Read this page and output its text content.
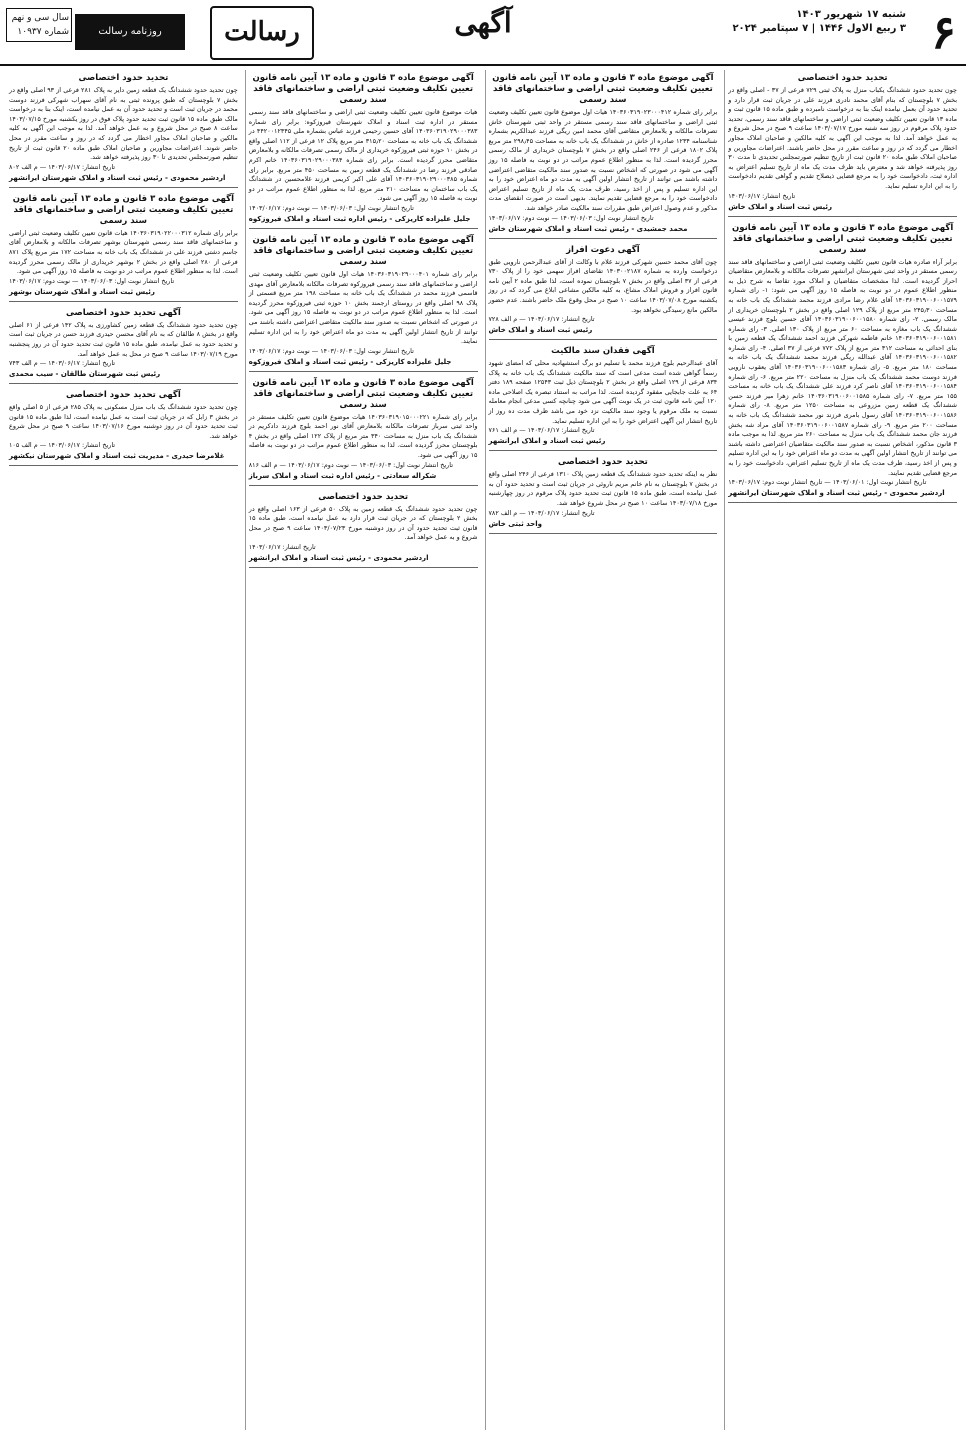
۶
شنبه ۱۷ شهریور ۱۴۰۳
۳ ربیع الاول ۱۴۴۶ | ۷ سپتامبر ۲۰۲۴
آگهی
رسالت
روزنامه رسالت
سال سی و نهم
شماره ۱۰۹۳۷
تحدید حدود اختصاصی
چون تحدید حدود ششدانگ یکباب منزل به پلاک ثبتی ۷۲۹ فرعی از ۳۷ - اصلی واقع در بخش ۷ بلوچستان که بنام آقای محمد نادری فرزند علی در جریان ثبت قرار دارد و تحدید حدود آن بعمل نیامده اینک بنا به درخواست نامبرده و طبق ماده ۱۵ قانون ثبت و ماده ۱۳ قانون تعیین تکلیف وضعیت ثبتی اراضی و ساختمانهای فاقد سند رسمی، تحدید حدود پلاک مرقوم در روز سه شنبه مورخ ۱۴۰۳/۰۷/۱۷ ساعت ۹ صبح در محل شروع و به عمل خواهد آمد. لذا به موجب این آگهی به کلیه مالکین و صاحبان املاک مجاور اخطار می گردد که در روز و ساعت مقرر در محل حاضر باشند. اعتراضات مجاورین و صاحبان املاک طبق ماده ۲۰ قانون ثبت از تاریخ تنظیم صورتمجلس تحدیدی تا مدت ۳۰ روز پذیرفته خواهد شد و معترض باید ظرف مدت یک ماه از تاریخ تسلیم اعتراض به اداره ثبت، دادخواست خود را به مرجع قضایی ذیصلاح تقدیم و گواهی تقدیم دادخواست را به این اداره تسلیم نماید.
تاریخ انتشار: ۱۴۰۳/۰۶/۱۷
رئیس ثبت اسناد و املاک خاش
آگهی موضوع ماده ۳ قانون و ماده ۱۳ آیین نامه قانون تعیین تکلیف وضعیت ثبتی اراضی و ساختمانهای فاقد سند رسمی
برابر آراء صادره هیات قانون تعیین تکلیف وضعیت ثبتی اراضی و ساختمانهای فاقد سند رسمی مستقر در واحد ثبتی شهرستان ایرانشهر تصرفات مالکانه و بلامعارض متقاضیان احراز گردیده است. لذا مشخصات متقاضیان و املاک مورد تقاضا به شرح ذیل به منظور اطلاع عموم در دو نوبت به فاصله ۱۵ روز آگهی می شود: ۱- رای شماره ۱۴۰۳۶۰۳۱۹۰۰۶۰۰۱۵۷۹ آقای غلام رضا مرادی فرزند محمد ششدانگ یک باب خانه به مساحت ۲۴۵٫۳۰ متر مربع از پلاک ۱۲۹ اصلی واقع در بخش ۲ بلوچستان خریداری از مالک رسمی. ۲- رای شماره ۱۴۰۳۶۰۳۱۹۰۰۶۰۰۱۵۸۰ آقای حسین بلوچ فرزند عیسی ششدانگ یک باب مغازه به مساحت ۶۰ متر مربع از پلاک ۱۳۰ اصلی. ۳- رای شماره ۱۴۰۳۶۰۳۱۹۰۰۶۰۰۱۵۸۱ خانم فاطمه شهرکی فرزند احمد ششدانگ یک قطعه زمین با بنای احداثی به مساحت ۳۱۲ متر مربع از پلاک ۷۷۲ فرعی از ۳۷ اصلی. ۴- رای شماره ۱۴۰۳۶۰۳۱۹۰۰۶۰۰۱۵۸۲ آقای عبدالله ریگی فرزند محمد ششدانگ یک باب خانه به مساحت ۱۸۰ متر مربع. ۵- رای شماره ۱۴۰۳۶۰۳۱۹۰۰۶۰۰۱۵۸۳ آقای یعقوب نارویی فرزند دوست محمد ششدانگ یک باب منزل به مساحت ۲۲۰ متر مربع. ۶- رای شماره ۱۴۰۳۶۰۳۱۹۰۰۶۰۰۱۵۸۴ آقای ناصر کرد فرزند علی ششدانگ یک باب خانه به مساحت ۱۵۵ متر مربع. ۷- رای شماره ۱۴۰۳۶۰۳۱۹۰۰۶۰۰۱۵۸۵ خانم زهرا میر فرزند حسن ششدانگ یک قطعه زمین مزروعی به مساحت ۱۲۵۰ متر مربع. ۸- رای شماره ۱۴۰۳۶۰۳۱۹۰۰۶۰۰۱۵۸۶ آقای رسول بامری فرزند نور محمد ششدانگ یک باب خانه به مساحت ۲۰۰ متر مربع. ۹- رای شماره ۱۴۰۳۶۰۳۱۹۰۰۶۰۰۱۵۸۷ آقای مراد شه بخش فرزند جان محمد ششدانگ یک باب منزل به مساحت ۲۶۰ متر مربع. لذا به موجب ماده ۳ قانون مذکور، اشخاص نسبت به صدور سند مالکیت متقاضیان اعتراضی داشته باشند می توانند از تاریخ انتشار اولین آگهی به مدت دو ماه اعتراض خود را به این اداره تسلیم و پس از اخذ رسید، ظرف مدت یک ماه از تاریخ تسلیم اعتراض، دادخواست خود را به مرجع قضایی تقدیم نمایند.
تاریخ انتشار نوبت اول: ۱۴۰۳/۰۶/۰۱ — تاریخ انتشار نوبت دوم: ۱۴۰۳/۰۶/۱۷
اردشیر محمودی - رئیس ثبت اسناد و املاک شهرستان ایرانشهر
آگهی موضوع ماده ۳ قانون و ماده ۱۳ آیین نامه قانون تعیین تکلیف وضعیت ثبتی اراضی و ساختمانهای فاقد سند رسمی
برابر رای شماره ۱۴۰۳۶۰۳۱۹۰۲۳۰۰۰۴۱۲ هیات اول موضوع قانون تعیین تکلیف وضعیت ثبتی اراضی و ساختمانهای فاقد سند رسمی مستقر در واحد ثبتی شهرستان خاش تصرفات مالکانه و بلامعارض متقاضی آقای محمد امین ریگی فرزند عبدالکریم بشماره شناسنامه ۱۲۳۴ صادره از خاش در ششدانگ یک باب خانه به مساحت ۲۹۸٫۴۵ متر مربع پلاک ۱۸۰۲ فرعی از ۲۴۶ اصلی واقع در بخش ۷ بلوچستان خریداری از مالک رسمی محرز گردیده است. لذا به منظور اطلاع عموم مراتب در دو نوبت به فاصله ۱۵ روز آگهی می شود در صورتی که اشخاص نسبت به صدور سند مالکیت متقاضی اعتراضی داشته باشند می توانند از تاریخ انتشار اولین آگهی به مدت دو ماه اعتراض خود را به این اداره تسلیم و پس از اخذ رسید، ظرف مدت یک ماه از تاریخ تسلیم اعتراض دادخواست خود را به مرجع قضایی تقدیم نمایند. بدیهی است در صورت انقضای مدت مذکور و عدم وصول اعتراض طبق مقررات سند مالکیت صادر خواهد شد.
تاریخ انتشار نوبت اول: ۱۴۰۳/۰۶/۰۳ — نوبت دوم: ۱۴۰۳/۰۶/۱۷
محمد جمشیدی - رئیس ثبت اسناد و املاک شهرستان خاش
آگهی دعوت افراز
چون آقای محمد حسین شهرکی فرزند غلام با وکالت از آقای عبدالرحمن نارویی طبق درخواست وارده به شماره ۱۴۰۳۰۰۲۱۸۷ تقاضای افراز سهمی خود را از پلاک ۷۳۰ فرعی از ۳۷ اصلی واقع در بخش ۷ بلوچستان نموده است، لذا طبق ماده ۲ آیین نامه قانون افراز و فروش املاک مشاع، به کلیه مالکین مشاعی ابلاغ می گردد که در روز یکشنبه مورخ ۱۴۰۳/۰۷/۰۸ ساعت ۱۰ صبح در محل وقوع ملک حاضر باشند. عدم حضور مالکین مانع رسیدگی نخواهد بود.
تاریخ انتشار: ۱۴۰۳/۰۶/۱۷ — م الف ۷۲۸
رئیس ثبت اسناد و املاک خاش
آگهی فقدان سند مالکیت
آقای عبدالرحیم بلوچ فرزند محمد با تسلیم دو برگ استشهادیه محلی که امضای شهود رسماً گواهی شده است مدعی است که سند مالکیت ششدانگ یک باب خانه به پلاک ۸۳۴ فرعی از ۱۲۹ اصلی واقع در بخش ۲ بلوچستان ذیل ثبت ۱۲۵۴۳ صفحه ۱۸۹ دفتر ۶۴ به علت جابجایی مفقود گردیده است. لذا مراتب به استناد تبصره یک اصلاحی ماده ۱۲۰ آیین نامه قانون ثبت در یک نوبت آگهی می شود چنانچه کسی مدعی انجام معامله نسبت به ملک مرقوم یا وجود سند مالکیت نزد خود می باشد ظرف مدت ده روز از تاریخ انتشار این آگهی اعتراض خود را به این اداره تسلیم نماید.
تاریخ انتشار: ۱۴۰۳/۰۶/۱۷ — م الف ۷۶۱
رئیس ثبت اسناد و املاک ایرانشهر
تحدید حدود اختصاصی
نظر به اینکه تحدید حدود ششدانگ یک قطعه زمین پلاک ۱۳۱۰ فرعی از ۲۴۶ اصلی واقع در بخش ۷ بلوچستان به نام خانم مریم ناروئی در جریان ثبت است و تحدید حدود آن به عمل نیامده است، طبق ماده ۱۵ قانون ثبت تحدید حدود پلاک مرقوم در روز چهارشنبه مورخ ۱۴۰۳/۰۷/۱۸ ساعت ۱۰ صبح در محل شروع خواهد شد.
تاریخ انتشار: ۱۴۰۳/۰۶/۱۷ — م الف ۷۸۲
واحد ثبتی خاش
آگهی موضوع ماده ۳ قانون و ماده ۱۳ آیین نامه قانون تعیین تکلیف وضعیت ثبتی اراضی و ساختمانهای فاقد سند رسمی
هیات موضوع قانون تعیین تکلیف وضعیت ثبتی اراضی و ساختمانهای فاقد سند رسمی مستقر در اداره ثبت اسناد و املاک شهرستان فیروزکوه: برابر رای شماره ۱۴۰۳۶۰۳۱۹۰۲۹۰۰۰۳۸۳ آقای حسین رحیمی فرزند عباس بشماره ملی ۴۴۲۰۰۱۲۳۴۵ در ششدانگ یک باب خانه به مساحت ۳۱۵٫۲۰ متر مربع پلاک ۱۲ فرعی از ۱۱۲ اصلی واقع در بخش ۱۰ حوزه ثبتی فیروزکوه خریداری از مالک رسمی تصرفات مالکانه و بلامعارض متقاضی محرز گردیده است. برابر رای شماره ۱۴۰۳۶۰۳۱۹۰۲۹۰۰۰۳۸۴ خانم اکرم صادقی فرزند رضا در ششدانگ یک قطعه زمین به مساحت ۴۵۰ متر مربع. برابر رای شماره ۱۴۰۳۶۰۳۱۹۰۲۹۰۰۰۳۸۵ آقای علی اکبر کریمی فرزند غلامحسین در ششدانگ یک باب ساختمان به مساحت ۲۱۰ متر مربع. لذا به منظور اطلاع عموم مراتب در دو نوبت به فاصله ۱۵ روز آگهی می شود.
تاریخ انتشار نوبت اول: ۱۴۰۳/۰۶/۰۳ — نوبت دوم: ۱۴۰۳/۰۶/۱۷
جلیل علیزاده کاریزکی - رئیس اداره ثبت اسناد و املاک فیروزکوه
آگهی موضوع ماده ۳ قانون و ماده ۱۳ آیین نامه قانون تعیین تکلیف وضعیت ثبتی اراضی و ساختمانهای فاقد سند رسمی
برابر رای شماره ۱۴۰۳۶۰۳۱۹۰۲۹۰۰۰۴۰۱ هیات اول قانون تعیین تکلیف وضعیت ثبتی اراضی و ساختمانهای فاقد سند رسمی فیروزکوه تصرفات مالکانه بلامعارض آقای مهدی قاسمی فرزند محمد در ششدانگ یک باب خانه به مساحت ۱۹۸ متر مربع قسمتی از پلاک ۹۸ اصلی واقع در روستای ارجمند بخش ۱۰ حوزه ثبتی فیروزکوه محرز گردیده است. لذا به منظور اطلاع عموم مراتب در دو نوبت به فاصله ۱۵ روز آگهی می شود. در صورتی که اشخاص نسبت به صدور سند مالکیت متقاضی اعتراضی داشته باشند می توانند از تاریخ انتشار اولین آگهی به مدت دو ماه اعتراض خود را به این اداره تسلیم نمایند.
تاریخ انتشار نوبت اول: ۱۴۰۳/۰۶/۰۳ — نوبت دوم: ۱۴۰۳/۰۶/۱۷
جلیل علیزاده کاریزکی - رئیس ثبت اسناد و املاک فیروزکوه
آگهی موضوع ماده ۳ قانون و ماده ۱۳ آیین نامه قانون تعیین تکلیف وضعیت ثبتی اراضی و ساختمانهای فاقد سند رسمی
برابر رای شماره ۱۴۰۳۶۰۳۱۹۰۱۵۰۰۰۲۲۱ هیات موضوع قانون تعیین تکلیف مستقر در واحد ثبتی سرباز تصرفات مالکانه بلامعارض آقای نور احمد بلوچ فرزند دادکریم در ششدانگ یک باب منزل به مساحت ۳۴۰ متر مربع از پلاک ۱۲۲ اصلی واقع در بخش ۴ بلوچستان محرز گردیده است. لذا به منظور اطلاع عموم مراتب در دو نوبت به فاصله ۱۵ روز آگهی می شود.
تاریخ انتشار نوبت اول: ۱۴۰۳/۰۶/۰۳ — نوبت دوم: ۱۴۰۳/۰۶/۱۷ — م الف ۸۱۶
شکراله سعادتی - رئیس اداره ثبت اسناد و املاک سرباز
تحدید حدود اختصاصی
چون تحدید حدود ششدانگ یک قطعه زمین به پلاک ۵۰ فرعی از ۱۶۳ اصلی واقع در بخش ۲ بلوچستان که در جریان ثبت قرار دارد به عمل نیامده است، طبق ماده ۱۵ قانون ثبت تحدید حدود آن در روز دوشنبه مورخ ۱۴۰۳/۰۷/۲۳ ساعت ۹ صبح در محل شروع و به عمل خواهد آمد.
تاریخ انتشار: ۱۴۰۳/۰۶/۱۷
اردشیر محمودی - رئیس ثبت اسناد و املاک ایرانشهر
تحدید حدود اختصاصی
چون تحدید حدود ششدانگ یک قطعه زمین دایر به پلاک ۲۸۱ فرعی از ۹۳ اصلی واقع در بخش ۷ بلوچستان که طبق پرونده ثبتی به نام آقای سهراب شهرکی فرزند دوست محمد در جریان ثبت است و تحدید حدود آن به عمل نیامده است، اینک بنا به درخواست مالک طبق ماده ۱۵ قانون ثبت تحدید حدود پلاک فوق در روز یکشنبه مورخ ۱۴۰۳/۰۷/۱۵ ساعت ۸ صبح در محل شروع و به عمل خواهد آمد. لذا به موجب این آگهی به کلیه مالکین و صاحبان املاک مجاور اخطار می گردد که در روز و ساعت مقرر در محل حاضر شوند. اعتراضات مجاورین و صاحبان املاک طبق ماده ۲۰ قانون ثبت از تاریخ تنظیم صورتمجلس تحدیدی تا ۳۰ روز پذیرفته خواهد شد.
تاریخ انتشار: ۱۴۰۳/۰۶/۱۷ — م الف ۸۰۲
اردشیر محمودی - رئیس ثبت اسناد و املاک شهرستان ایرانشهر
آگهی موضوع ماده ۳ قانون و ماده ۱۳ آیین نامه قانون تعیین تکلیف وضعیت ثبتی اراضی و ساختمانهای فاقد سند رسمی
برابر رای شماره ۱۴۰۳۶۰۳۱۹۰۲۲۰۰۰۳۱۲ هیات قانون تعیین تکلیف وضعیت ثبتی اراضی و ساختمانهای فاقد سند رسمی شهرستان بوشهر تصرفات مالکانه و بلامعارض آقای جاسم دشتی فرزند علی در ششدانگ یک باب خانه به مساحت ۱۷۲ متر مربع پلاک ۸۷۱ فرعی از ۲۸۰ اصلی واقع در بخش ۲ بوشهر خریداری از مالک رسمی محرز گردیده است. لذا به منظور اطلاع عموم مراتب در دو نوبت به فاصله ۱۵ روز آگهی می شود.
تاریخ انتشار نوبت اول: ۱۴۰۳/۰۶/۰۳ — نوبت دوم: ۱۴۰۳/۰۶/۱۷
رئیس ثبت اسناد و املاک شهرستان بوشهر
آگهی تحدید حدود اختصاصی
چون تحدید حدود ششدانگ یک قطعه زمین کشاورزی به پلاک ۱۴۲ فرعی از ۶۱ اصلی واقع در بخش ۸ طالقان که به نام آقای محسن حیدری فرزند حسن در جریان ثبت است و تحدید حدود به عمل نیامده، طبق ماده ۱۵ قانون ثبت تحدید حدود آن در روز پنجشنبه مورخ ۱۴۰۳/۰۷/۱۹ ساعت ۹ صبح در محل به عمل خواهد آمد.
تاریخ انتشار: ۱۴۰۳/۰۶/۱۷ — م الف ۷۴۳
رئیس ثبت شهرستان طالقان - سیب محمدی
آگهی تحدید حدود اختصاصی
چون تحدید حدود ششدانگ یک باب منزل مسکونی به پلاک ۲۸۵ فرعی از ۵ اصلی واقع در بخش ۳ زابل که در جریان ثبت است به عمل نیامده است، لذا طبق ماده ۱۵ قانون ثبت تحدید حدود آن در روز دوشنبه مورخ ۱۴۰۳/۰۷/۱۶ ساعت ۹ صبح در محل شروع خواهد شد.
تاریخ انتشار: ۱۴۰۳/۰۶/۱۷ — م الف ۱۰۵
غلامرضا حیدری - مدیریت ثبت اسناد و املاک شهرستان نیکشهر
